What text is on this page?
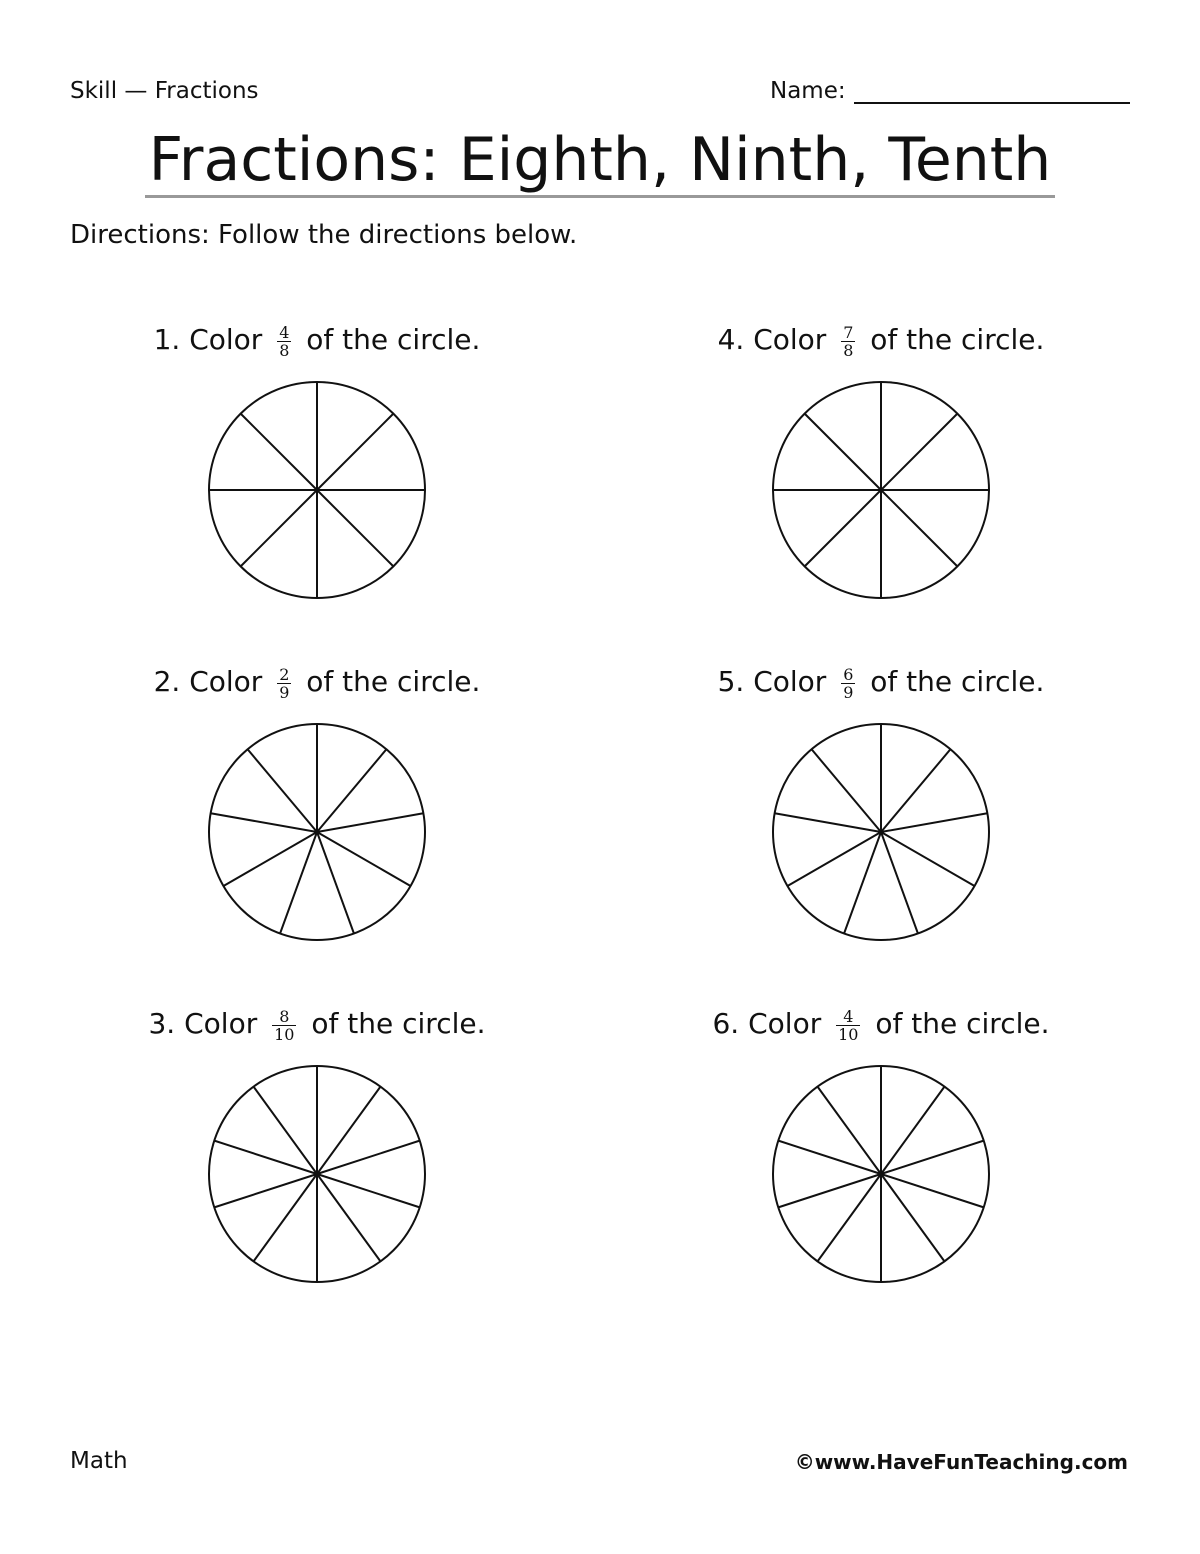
Skill — Fractions	Name:
Fractions: Eighth, Ninth, Tenth
Directions: Follow the directions below.
1. Color $\frac{4}{8}$ of the circle.
2. Color $\frac{2}{9}$ of the circle.
3. Color $\frac{8}{10}$ of the circle.
4. Color $\frac{7}{8}$ of the circle.
5. Color $\frac{6}{9}$ of the circle.
6. Color $\frac{4}{10}$ of the circle.
Math	©www.HaveFunTeaching.com
